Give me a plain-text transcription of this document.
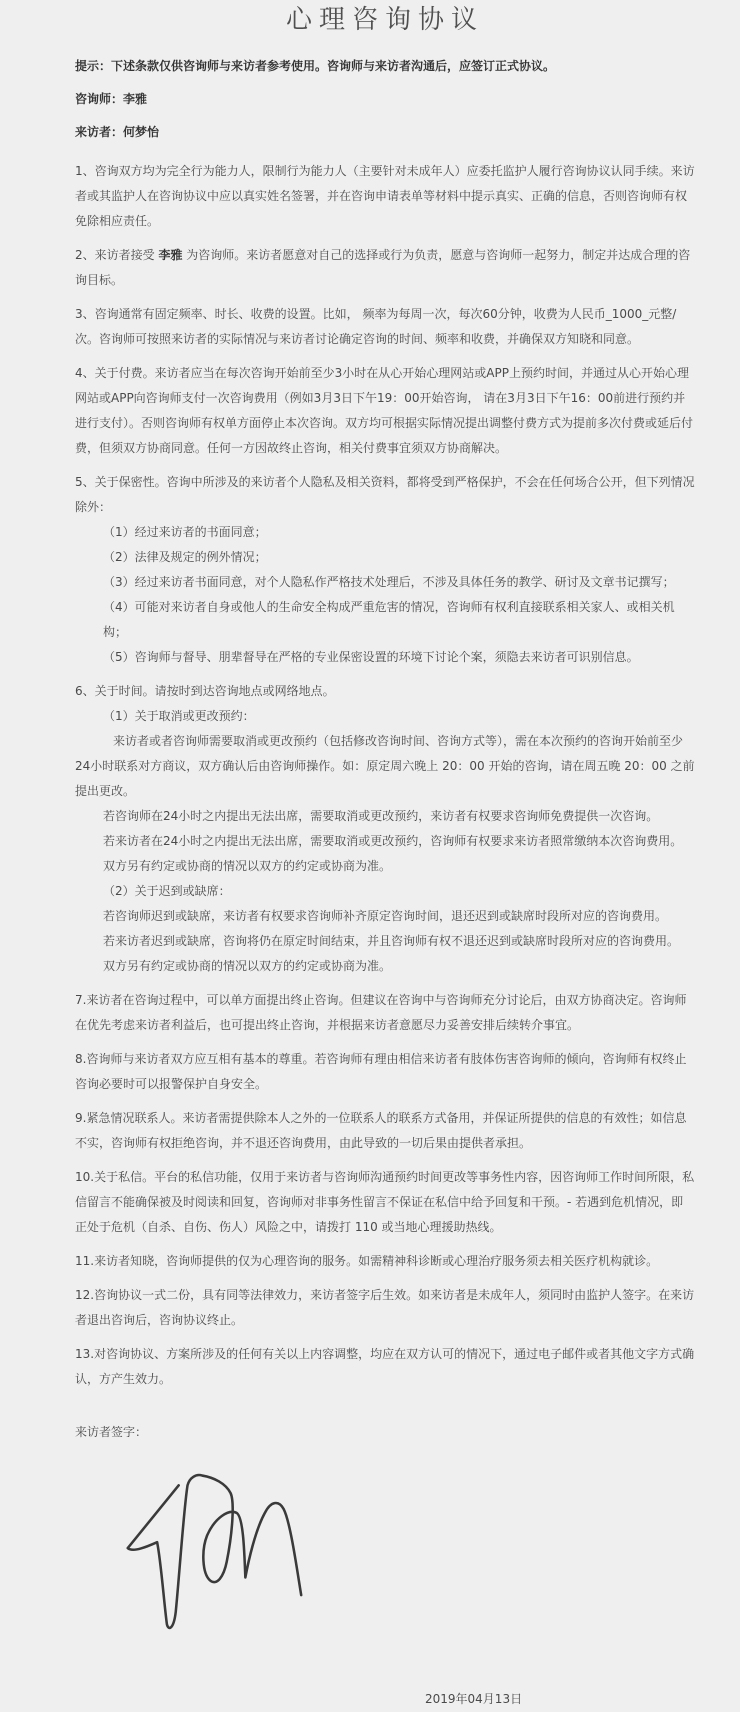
心理咨询协议

提示：下述条款仅供咨询师与来访者参考使用。咨询师与来访者沟通后，应签订正式协议。

咨询师：李雅

来访者：何梦怡

1、咨询双方均为完全行为能力人，限制行为能力人（主要针对未成年人）应委托监护人履行咨询协议认同手续。来访者或其监护人在咨询协议中应以真实姓名签署，并在咨询申请表单等材料中提示真实、正确的信息，否则咨询师有权免除相应责任。

2、来访者接受 李雅 为咨询师。来访者愿意对自己的选择或行为负责，愿意与咨询师一起努力，制定并达成合理的咨询目标。

3、咨询通常有固定频率、时长、收费的设置。比如， 频率为每周一次，每次60分钟，收费为人民币_1000_元整/次。咨询师可按照来访者的实际情况与来访者讨论确定咨询的时间、频率和收费，并确保双方知晓和同意。

4、关于付费。来访者应当在每次咨询开始前至少3小时在从心开始心理网站或APP上预约时间，并通过从心开始心理网站或APP向咨询师支付一次咨询费用（例如3月3日下午19：00开始咨询， 请在3月3日下午16：00前进行预约并进行支付）。否则咨询师有权单方面停止本次咨询。双方均可根据实际情况提出调整付费方式为提前多次付费或延后付费，但须双方协商同意。任何一方因故终止咨询，相关付费事宜须双方协商解决。

5、关于保密性。咨询中所涉及的来访者个人隐私及相关资料，都将受到严格保护，不会在任何场合公开，但下列情况除外：

（1）经过来访者的书面同意；

（2）法律及规定的例外情况；

（3）经过来访者书面同意，对个人隐私作严格技术处理后，不涉及具体任务的教学、研讨及文章书记撰写；

（4）可能对来访者自身或他人的生命安全构成严重危害的情况，咨询师有权利直接联系相关家人、或相关机构；

（5）咨询师与督导、朋辈督导在严格的专业保密设置的环境下讨论个案，须隐去来访者可识别信息。

6、关于时间。请按时到达咨询地点或网络地点。

（1）关于取消或更改预约：

来访者或者咨询师需要取消或更改预约（包括修改咨询时间、咨询方式等），需在本次预约的咨询开始前至少24小时联系对方商议，双方确认后由咨询师操作。如：原定周六晚上 20：00 开始的咨询，请在周五晚 20：00 之前提出更改。

若咨询师在24小时之内提出无法出席，需要取消或更改预约，来访者有权要求咨询师免费提供一次咨询。

若来访者在24小时之内提出无法出席，需要取消或更改预约，咨询师有权要求来访者照常缴纳本次咨询费用。

双方另有约定或协商的情况以双方的约定或协商为准。

（2）关于迟到或缺席：

若咨询师迟到或缺席，来访者有权要求咨询师补齐原定咨询时间，退还迟到或缺席时段所对应的咨询费用。

若来访者迟到或缺席，咨询将仍在原定时间结束，并且咨询师有权不退还迟到或缺席时段所对应的咨询费用。

双方另有约定或协商的情况以双方的约定或协商为准。

7.来访者在咨询过程中，可以单方面提出终止咨询。但建议在咨询中与咨询师充分讨论后，由双方协商决定。咨询师在优先考虑来访者利益后，也可提出终止咨询，并根据来访者意愿尽力妥善安排后续转介事宜。

8.咨询师与来访者双方应互相有基本的尊重。若咨询师有理由相信来访者有肢体伤害咨询师的倾向，咨询师有权终止咨询必要时可以报警保护自身安全。

9.紧急情况联系人。来访者需提供除本人之外的一位联系人的联系方式备用，并保证所提供的信息的有效性；如信息不实，咨询师有权拒绝咨询，并不退还咨询费用，由此导致的一切后果由提供者承担。

10.关于私信。平台的私信功能，仅用于来访者与咨询师沟通预约时间更改等事务性内容，因咨询师工作时间所限，私信留言不能确保被及时阅读和回复，咨询师对非事务性留言不保证在私信中给予回复和干预。- 若遇到危机情况，即正处于危机（自杀、自伤、伤人）风险之中，请拨打 110 或当地心理援助热线。

11.来访者知晓，咨询师提供的仅为心理咨询的服务。如需精神科诊断或心理治疗服务须去相关医疗机构就诊。

12.咨询协议一式二份，具有同等法律效力，来访者签字后生效。如来访者是未成年人，须同时由监护人签字。在来访者退出咨询后，咨询协议终止。

13.对咨询协议、方案所涉及的任何有关以上内容调整，均应在双方认可的情况下，通过电子邮件或者其他文字方式确认，方产生效力。

来访者签字：

2019年04月13日
